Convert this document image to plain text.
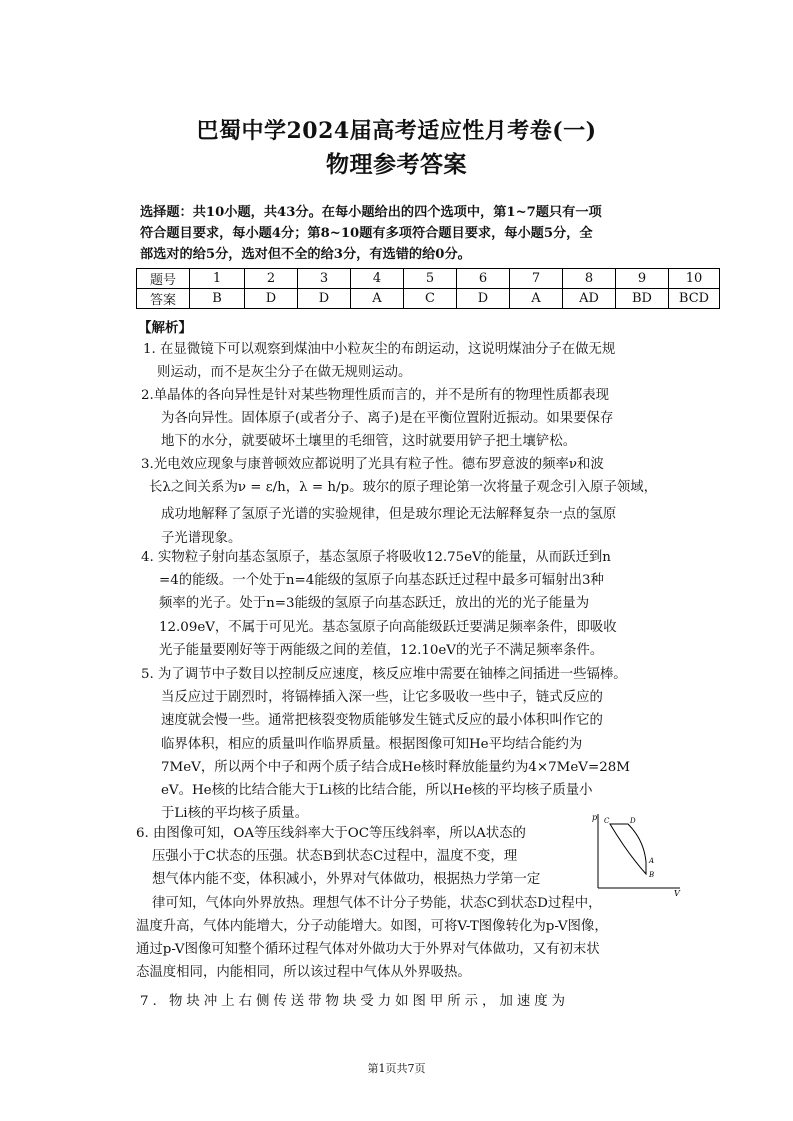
巴蜀中学2024届高考适应性月考卷(一)
物理参考答案
选择题：共10小题，共43分。在每小题给出的四个选项中，第1~7题只有一项
符合题目要求，每小题4分；第8~10题有多项符合题目要求，每小题5分，全
部选对的给5分，选对但不全的给3分，有选错的给0分。
题号	1	2	3	4	5	6	7	8	9	10
答案	B	D	D	A	C	D	A	AD	BD	BCD
【解析】
1. 在显微镜下可以观察到煤油中小粒灰尘的布朗运动，这说明煤油分子在做无规
则运动，而不是灰尘分子在做无规则运动。
2.单晶体的各向异性是针对某些物理性质而言的，并不是所有的物理性质都表现
为各向异性。固体原子(或者分子、离子)是在平衡位置附近振动。如果要保存
地下的水分，就要破坏土壤里的毛细管，这时就要用铲子把土壤铲松。
3.光电效应现象与康普顿效应都说明了光具有粒子性。德布罗意波的频率ν和波
长λ之间关系为ν = ε/h，λ = h/p。玻尔的原子理论第一次将量子观念引入原子领域，
成功地解释了氢原子光谱的实验规律，但是玻尔理论无法解释复杂一点的氢原
子光谱现象。
4. 实物粒子射向基态氢原子，基态氢原子将吸收12.75eV的能量，从而跃迁到n
=4的能级。一个处于n=4能级的氢原子向基态跃迁过程中最多可辐射出3种
频率的光子。处于n=3能级的氢原子向基态跃迁，放出的光的光子能量为
12.09eV，不属于可见光。基态氢原子向高能级跃迁要满足频率条件，即吸收
光子能量要刚好等于两能级之间的差值，12.10eV的光子不满足频率条件。
5. 为了调节中子数目以控制反应速度，核反应堆中需要在铀棒之间插进一些镉棒。
当反应过于剧烈时，将镉棒插入深一些，让它多吸收一些中子，链式反应的
速度就会慢一些。通常把核裂变物质能够发生链式反应的最小体积叫作它的
临界体积，相应的质量叫作临界质量。根据图像可知He平均结合能约为
7MeV，所以两个中子和两个质子结合成He核时释放能量约为4×7MeV=28M
eV。He核的比结合能大于Li核的比结合能，所以He核的平均核子质量小
于Li核的平均核子质量。	p
V
C	D
A
B
6. 由图像可知，OA等压线斜率大于OC等压线斜率，所以A状态的
压强小于C状态的压强。状态B到状态C过程中，温度不变，理
想气体内能不变，体积减小，外界对气体做功，根据热力学第一定
律可知，气体向外界放热。理想气体不计分子势能，状态C到状态D过程中，
温度升高，气体内能增大，分子动能增大。如图，可将V-T图像转化为p-V图像，
通过p-V图像可知整个循环过程气体对外做功大于外界对气体做功，又有初末状
态温度相同，内能相同，所以该过程中气体从外界吸热。
7. 物块冲上右侧传送带物块受力如图甲所示，加速度为
第1页共7页
